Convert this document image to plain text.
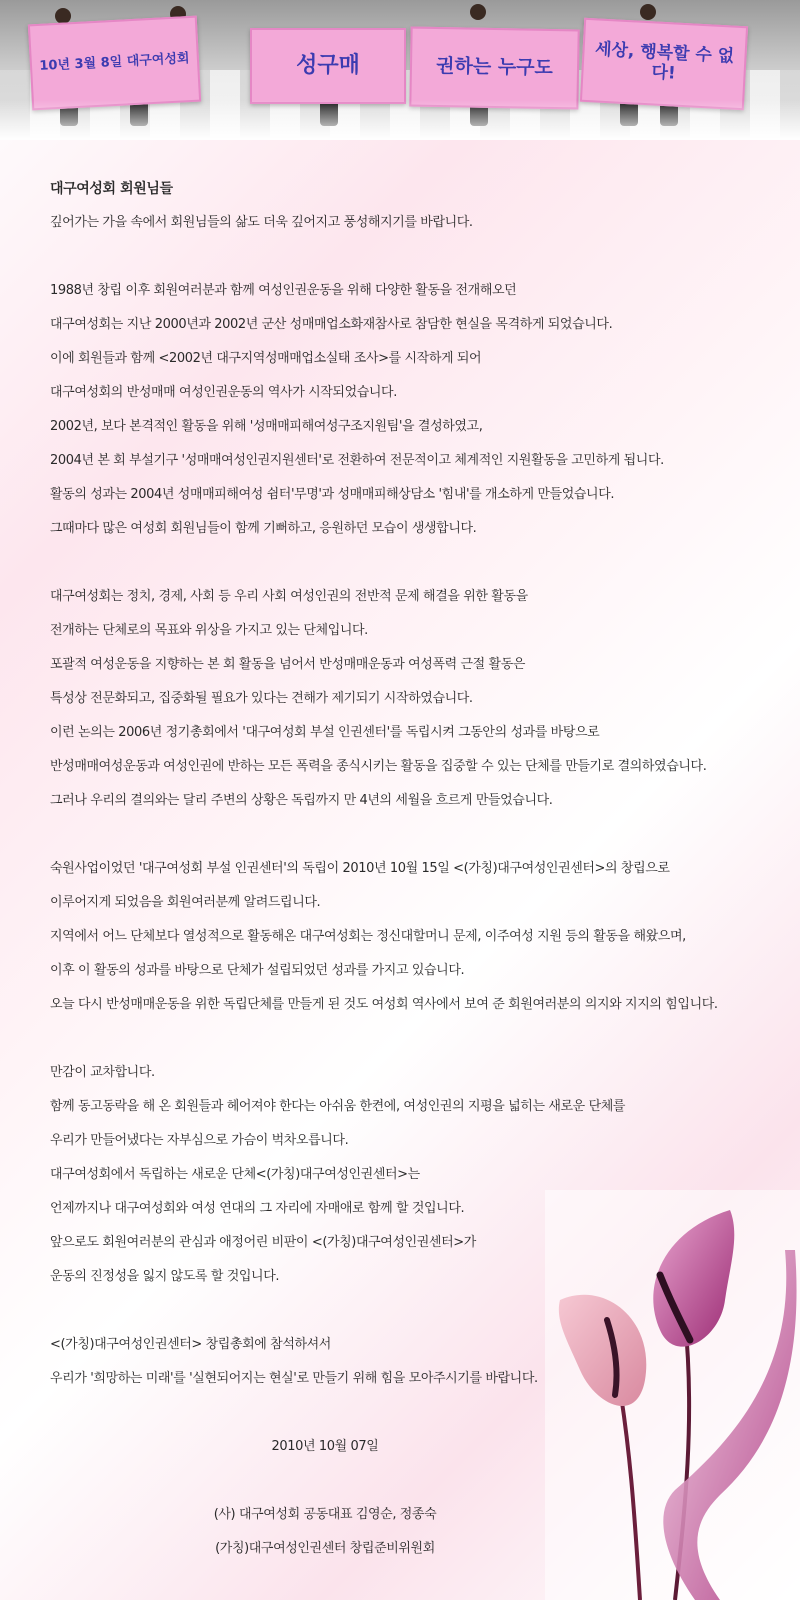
10년 3월 8일 대구여성회	성구매	권하는 누구도	세상, 행복할 수 없다!
대구여성회 회원님들
깊어가는 가을 속에서 회원님들의 삶도 더욱 깊어지고 풍성해지기를 바랍니다.
1988년 창립 이후 회원여러분과 함께 여성인권운동을 위해 다양한 활동을 전개해오던
대구여성회는 지난 2000년과 2002년 군산 성매매업소화재참사로 참담한 현실을 목격하게 되었습니다.
이에 회원들과 함께 <2002년 대구지역성매매업소실태 조사>를 시작하게 되어
대구여성회의 반성매매 여성인권운동의 역사가 시작되었습니다.
2002년, 보다 본격적인 활동을 위해 '성매매피해여성구조지원팀'을 결성하였고,
2004년 본 회 부설기구 '성매매여성인권지원센터'로 전환하여 전문적이고 체계적인 지원활동을 고민하게 됩니다.
활동의 성과는 2004년 성매매피해여성 쉼터'무명'과 성매매피해상담소 '힘내'를 개소하게 만들었습니다.
그때마다 많은 여성회 회원님들이 함께 기뻐하고, 응원하던 모습이 생생합니다.
대구여성회는 정치, 경제, 사회 등 우리 사회 여성인권의 전반적 문제 해결을 위한 활동을
전개하는 단체로의 목표와 위상을 가지고 있는 단체입니다.
포괄적 여성운동을 지향하는 본 회 활동을 넘어서 반성매매운동과 여성폭력 근절 활동은
특성상 전문화되고, 집중화될 필요가 있다는 견해가 제기되기 시작하였습니다.
이런 논의는 2006년 정기총회에서 '대구여성회 부설 인권센터'를 독립시켜 그동안의 성과를 바탕으로
반성매매여성운동과 여성인권에 반하는 모든 폭력을 종식시키는 활동을 집중할 수 있는 단체를 만들기로 결의하였습니다.
그러나 우리의 결의와는 달리 주변의 상황은 독립까지 만 4년의 세월을 흐르게 만들었습니다.
숙원사업이었던 '대구여성회 부설 인권센터'의 독립이 2010년 10월 15일 <(가칭)대구여성인권센터>의 창립으로
이루어지게 되었음을 회원여러분께 알려드립니다.
지역에서 어느 단체보다 열성적으로 활동해온 대구여성회는 정신대할머니 문제, 이주여성 지원 등의 활동을 해왔으며,
이후 이 활동의 성과를 바탕으로 단체가 설립되었던 성과를 가지고 있습니다.
오늘 다시 반성매매운동을 위한 독립단체를 만들게 된 것도 여성회 역사에서 보여 준 회원여러분의 의지와 지지의 힘입니다.
만감이 교차합니다.
함께 동고동락을 해 온 회원들과 헤어져야 한다는 아쉬움 한켠에, 여성인권의 지평을 넓히는 새로운 단체를
우리가 만들어냈다는 자부심으로 가슴이 벅차오릅니다.
대구여성회에서 독립하는 새로운 단체<(가칭)대구여성인권센터>는
언제까지나 대구여성회와 여성 연대의 그 자리에 자매애로 함께 할 것입니다.
앞으로도 회원여러분의 관심과 애정어린 비판이 <(가칭)대구여성인권센터>가
운동의 진정성을 잃지 않도록 할 것입니다.
<(가칭)대구여성인권센터> 창립총회에 참석하셔서
우리가 '희망하는 미래'를 '실현되어지는 현실'로 만들기 위해 힘을 모아주시기를 바랍니다.
2010년 10월 07일
(사) 대구여성회 공동대표 김영순, 정종숙
(가칭)대구여성인권센터 창립준비위원회
